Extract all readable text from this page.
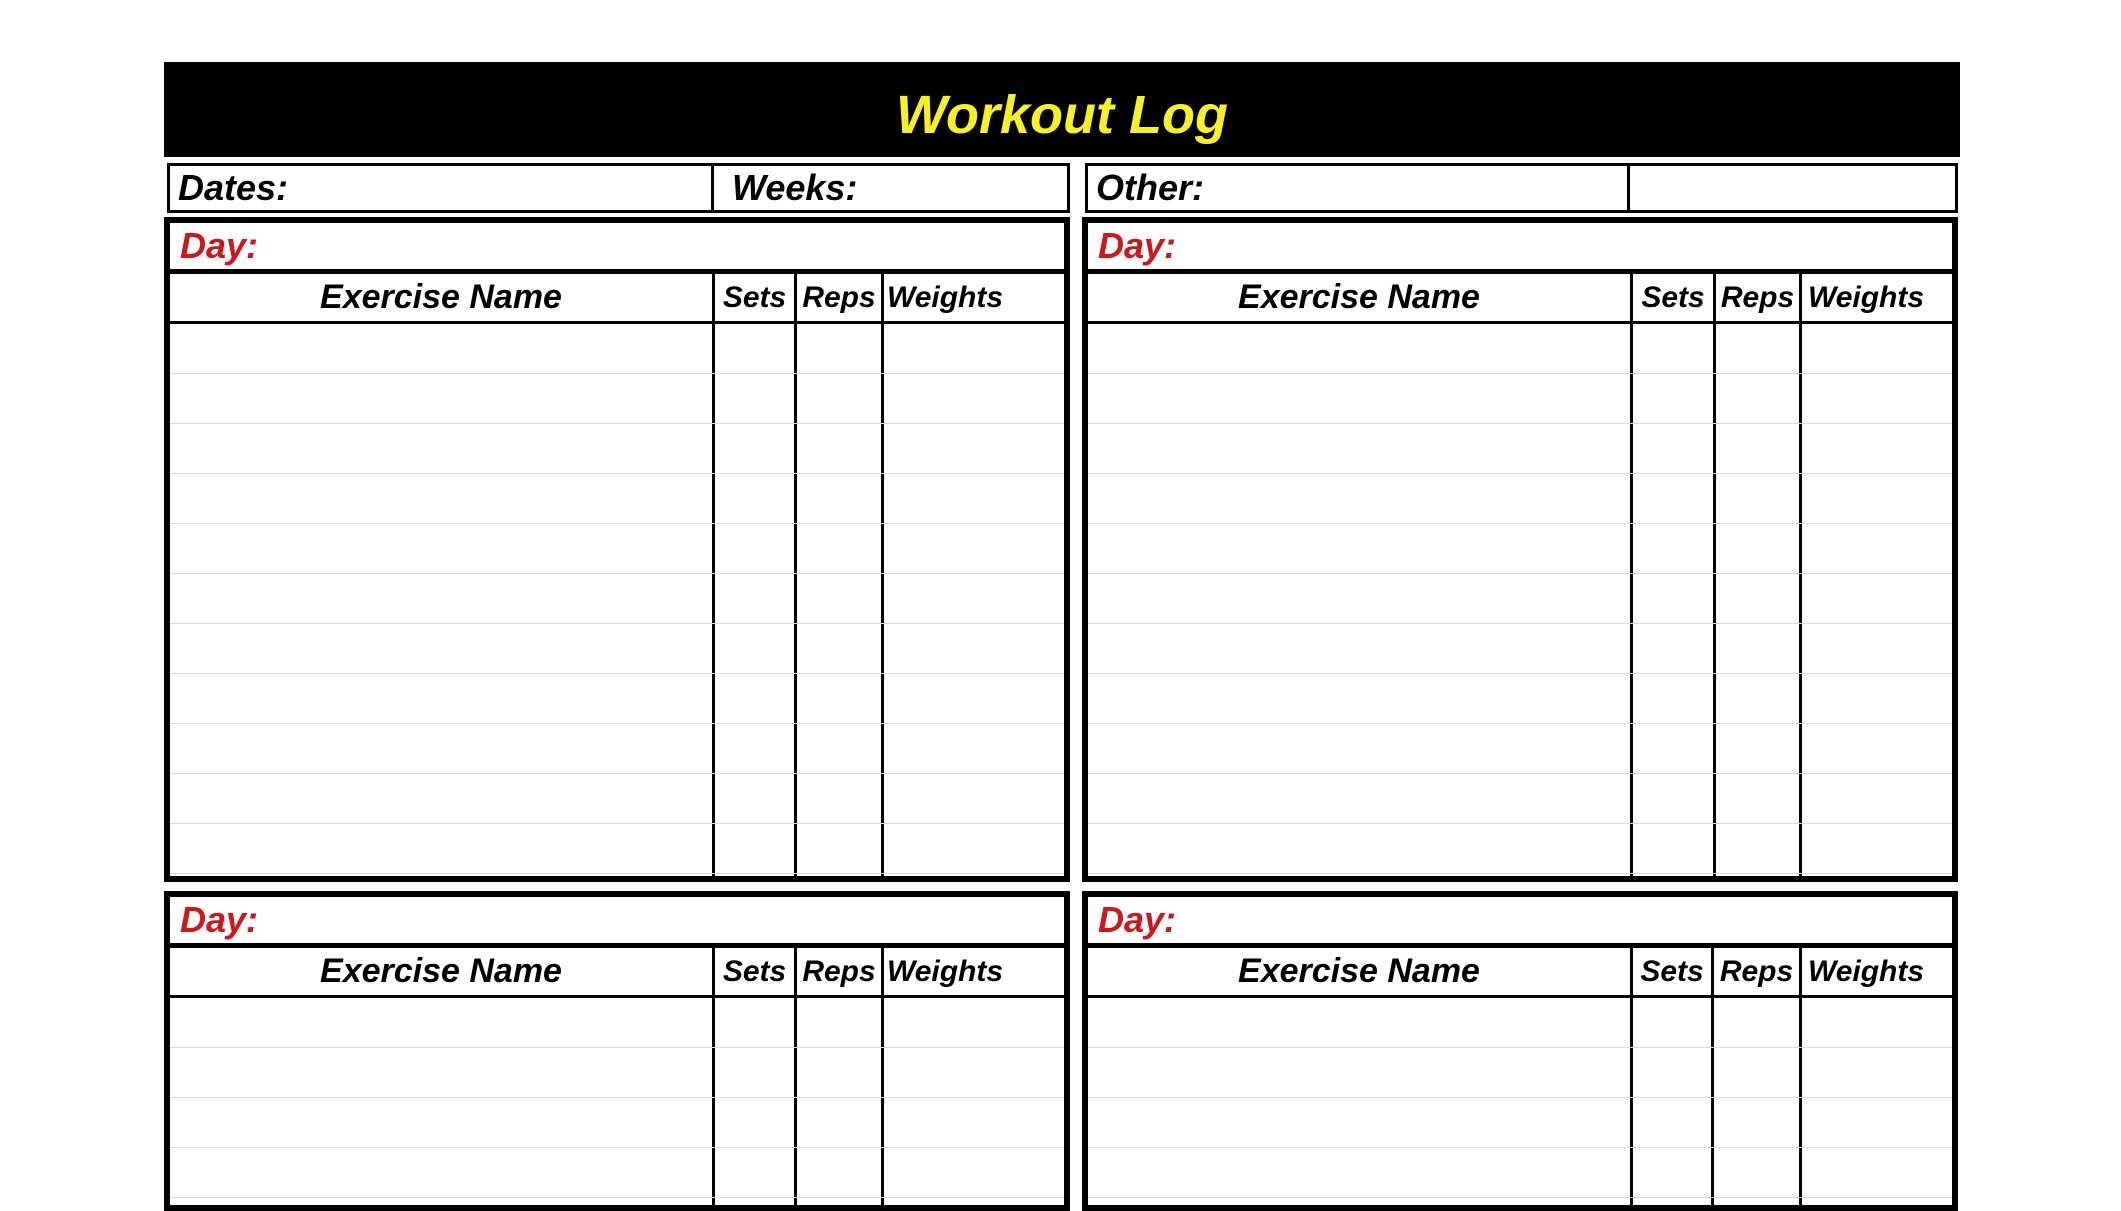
Workout Log
Dates:	Weeks:	Other:
Day:
Exercise Name	Sets Reps Weights
Day:
Exercise Name	Sets Reps Weights
Day:
Exercise Name	Sets Reps Weights
Day:
Exercise Name	Sets Reps Weights
